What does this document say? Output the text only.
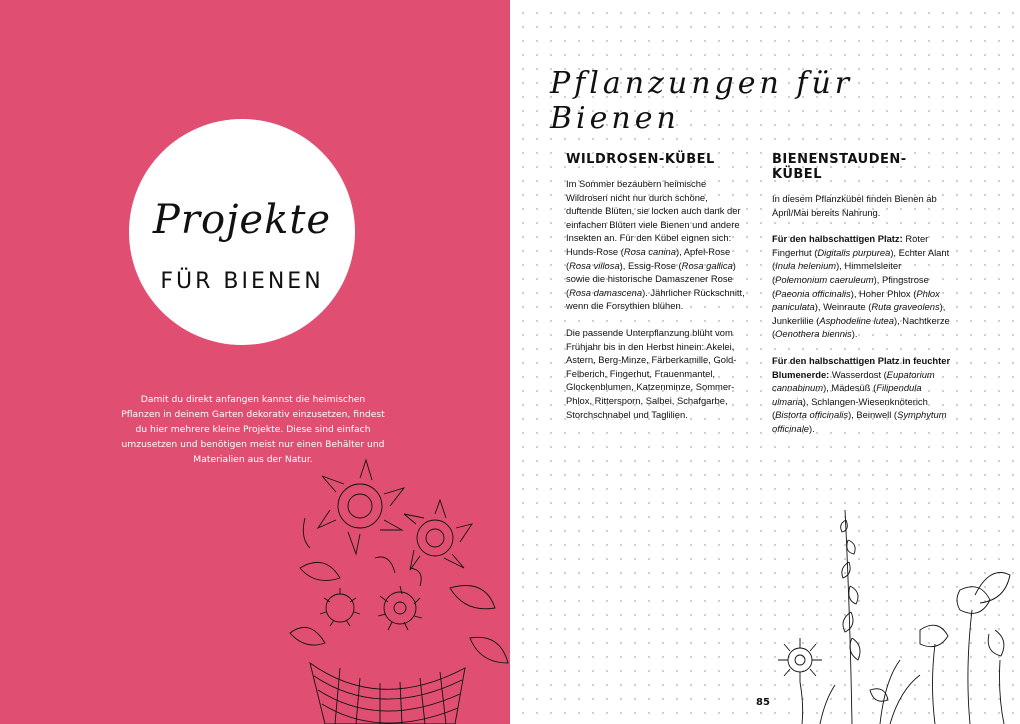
Projekte
FÜR BIENEN

Damit du direkt anfangen kannst die heimischen Pflanzen in deinem Garten dekorativ einzusetzen, findest du hier mehrere kleine Projekte. Diese sind einfach umzusetzen und benötigen meist nur einen Behälter und Materialien aus der Natur.

Pflanzungen für Bienen
WILDROSEN-KÜBEL

Im Sommer bezaubern heimische Wildrosen nicht nur durch schöne, duftende Blüten, sie locken auch dank der einfachen Blüten viele Bienen und andere Insekten an. Für den Kübel eignen sich: Hunds-Rose (Rosa canina), Apfel-Rose (Rosa villosa), Essig-Rose (Rosa gallica) sowie die historische Damaszener Rose (Rosa damascena). Jährlicher Rückschnitt, wenn die Forsythien blühen.

Die passende Unterpflanzung blüht vom Frühjahr bis in den Herbst hinein: Akelei, Astern, Berg-Minze, Färberkamille, Gold-Felberich, Fingerhut, Frauenmantel, Glockenblumen, Katzenminze, Sommer-Phlox, Rittersporn, Salbei, Schafgarbe, Storchschnabel und Taglilien.

BIENENSTAUDEN-KÜBEL

In diesem Pflanzkübel finden Bienen ab April/Mai bereits Nahrung.

Für den halbschattigen Platz: Roter Fingerhut (Digitalis purpurea), Echter Alant (Inula helenium), Himmelsleiter (Polemonium caeruleum), Pfingstrose (Paeonia officinalis), Hoher Phlox (Phlox paniculata), Weinraute (Ruta graveolens), Junkerlilie (Asphodeline lutea), Nachtkerze (Oenothera biennis).

Für den halbschattigen Platz in feuchter Blumenerde: Wasserdost (Eupatorium cannabinum), Mädesüß (Filipendula ulmaria), Schlangen-Wiesenknöterich (Bistorta officinalis), Beinwell (Symphytum officinale).

85
